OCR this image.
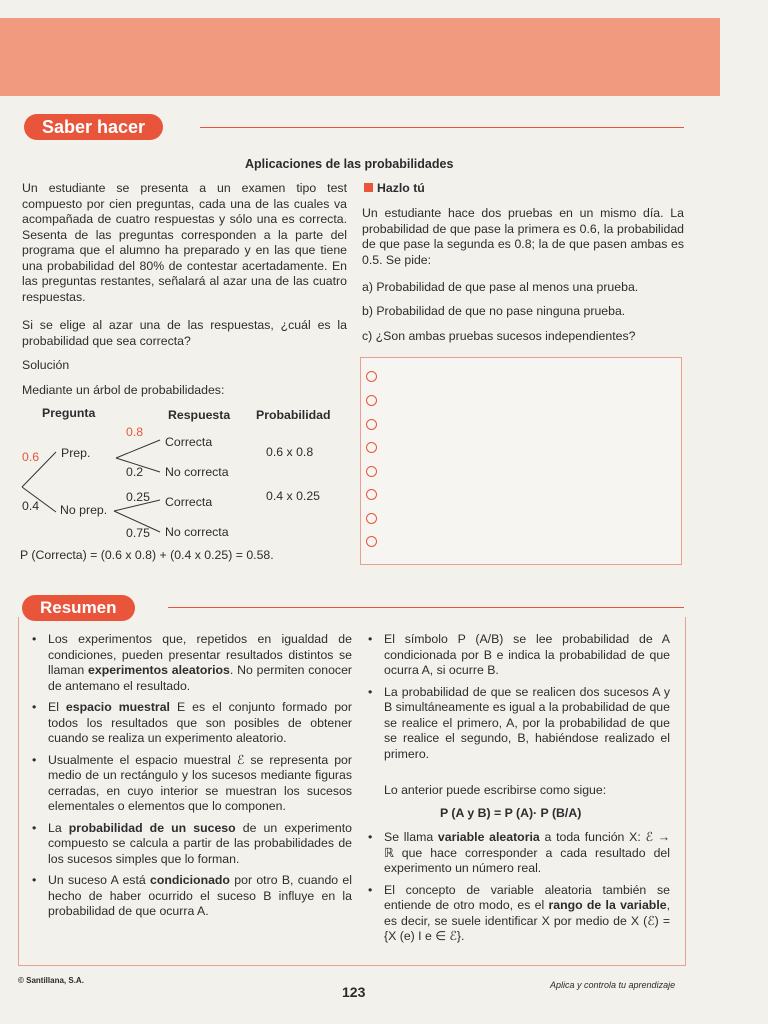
Saber hacer
Aplicaciones de las probabilidades
Un estudiante se presenta a un examen tipo test compuesto por cien preguntas, cada una de las cuales va acompañada de cuatro respuestas y sólo una es correcta. Sesenta de las preguntas corresponden a la parte del programa que el alumno ha preparado y en las que tiene una probabilidad del 80% de contestar acertadamente. En las preguntas restantes, señalará al azar una de las cuatro respuestas.
Si se elige al azar una de las respuestas, ¿cuál es la probabilidad que sea correcta?
Solución
Mediante un árbol de probabilidades:
Pregunta	Respuesta Probabilidad
0.8
Correcta
0.6 x 0.8
0.6 Prep.
0.2 No correcta
0.25 Correcta	0.4 x 0.25
0.4 No prep.
0.75 No correcta
P (Correcta) = (0.6 x 0.8) + (0.4 x 0.25) = 0.58.
Hazlo tú
Un estudiante hace dos pruebas en un mismo día. La probabilidad de que pase la primera es 0.6, la probabilidad de que pase la segunda es 0.8; la de que pasen ambas es 0.5. Se pide:
a) Probabilidad de que pase al menos una prueba.
b) Probabilidad de que no pase ninguna prueba.
c) ¿Son ambas pruebas sucesos independientes?
Resumen
• Los experimentos que, repetidos en igualdad de condiciones, pueden presentar resultados distintos se llaman experimentos aleatorios. No permiten conocer de antemano el resultado.
• El espacio muestral E es el conjunto formado por todos los resultados que son posibles de obtener cuando se realiza un experimento aleatorio.
• Usualmente el espacio muestral ℰ se representa por medio de un rectángulo y los sucesos mediante figuras cerradas, en cuyo interior se muestran los sucesos elementales o elementos que lo componen.
• La probabilidad de un suceso de un experimento compuesto se calcula a partir de las probabilidades de los sucesos simples que lo forman.
• Un suceso A está condicionado por otro B, cuando el hecho de haber ocurrido el suceso B influye en la probabilidad de que ocurra A.
• El símbolo P (A/B) se lee probabilidad de A condicionada por B e indica la probabilidad de que ocurra A, si ocurre B.
• La probabilidad de que se realicen dos sucesos A y B simultáneamente es igual a la probabilidad de que se realice el primero, A, por la probabilidad de que se realice el segundo, B, habiéndose realizado el primero.
Lo anterior puede escribirse como sigue:
P (A y B) = P (A)· P (B/A)
• Se llama variable aleatoria a toda función X: ℰ → ℝ que hace corresponder a cada resultado del experimento un número real.
• El concepto de variable aleatoria también se entiende de otro modo, es el rango de la variable, es decir, se suele identificar X por medio de X (ℰ) = {X (e) I e ∈ ℰ}.
© Santillana, S.A.
123	Aplica y controla tu aprendizaje
